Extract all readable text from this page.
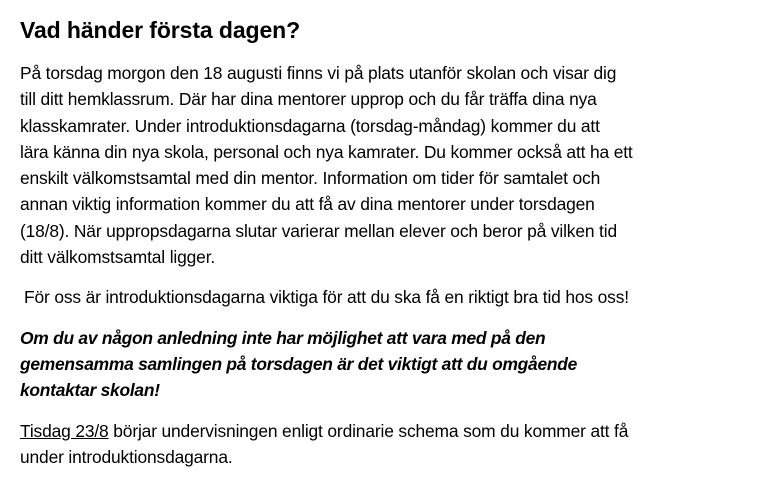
Vad händer första dagen?
På torsdag morgon den 18 augusti finns vi på plats utanför skolan och visar dig
till ditt hemklassrum. Där har dina mentorer upprop och du får träffa dina nya
klasskamrater. Under introduktionsdagarna (torsdag-måndag) kommer du att
lära känna din nya skola, personal och nya kamrater. Du kommer också att ha ett
enskilt välkomstsamtal med din mentor. Information om tider för samtalet och
annan viktig information kommer du att få av dina mentorer under torsdagen
(18/8). När uppropsdagarna slutar varierar mellan elever och beror på vilken tid
ditt välkomstsamtal ligger.
För oss är introduktionsdagarna viktiga för att du ska få en riktigt bra tid hos oss!
Om du av någon anledning inte har möjlighet att vara med på den
gemensamma samlingen på torsdagen är det viktigt att du omgående
kontaktar skolan!
Tisdag 23/8 börjar undervisningen enligt ordinarie schema som du kommer att få
under introduktionsdagarna.
